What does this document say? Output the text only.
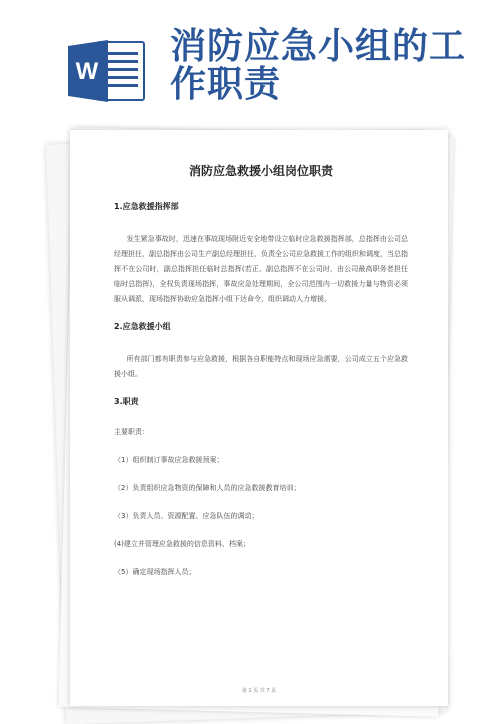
W
消防应急小组的工作职责
消防应急救援小组岗位职责
1.应急救援指挥部
发生紧急事故时，迅速在事故现场附近安全地带设立临时应急救援指挥部，总指挥由公司总经理担任，副总指挥由公司生产副总经理担任，负责全公司应急救援工作的组织和调度，当总指挥不在公司时，副总指挥担任临时总指挥(若正、副总指挥不在公司时，由公司最高职务者担任临时总指挥)，全权负责现场指挥，事故应急处理期间，全公司范围内一切救援力量与物资必须服从调派，现场指挥协助应急指挥小组下达命令，组织调动人力增援。
2.应急救援小组
所有部门都有职责参与应急救援，根据各自职能特点和现场应急需要，公司成立五个应急救援小组。
3.职责
主要职责：
（1）组织制订事故应急救援预案；
（2）负责组织应急物资的保障和人员的应急救援教育培训；
（3）负责人员、资源配置、应急队伍的调动；
(4)建立并管理应急救援的信息资料、档案；
（5）确定现场指挥人员；
第 1 页 共 7 页
